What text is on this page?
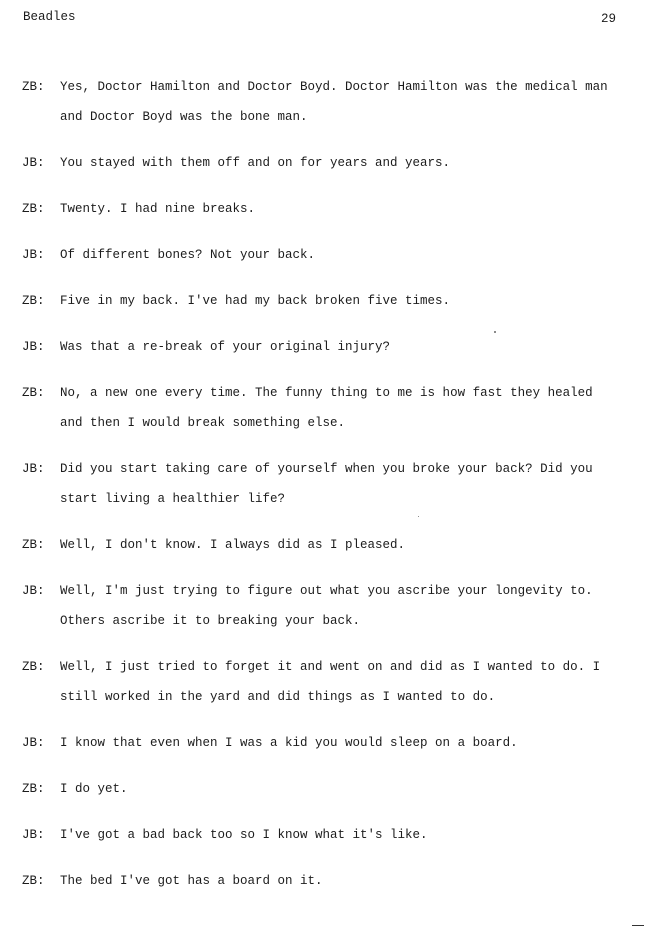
Beadles	29
ZB: Yes, Doctor Hamilton and Doctor Boyd. Doctor Hamilton was the medical man and Doctor Boyd was the bone man.
JB: You stayed with them off and on for years and years.
ZB: Twenty. I had nine breaks.
JB: Of different bones? Not your back.
ZB: Five in my back. I've had my back broken five times.
JB: Was that a re-break of your original injury?
ZB: No, a new one every time. The funny thing to me is how fast they healed and then I would break something else.
JB: Did you start taking care of yourself when you broke your back? Did you start living a healthier life?
ZB: Well, I don't know. I always did as I pleased.
JB: Well, I'm just trying to figure out what you ascribe your longevity to. Others ascribe it to breaking your back.
ZB: Well, I just tried to forget it and went on and did as I wanted to do. I still worked in the yard and did things as I wanted to do.
JB: I know that even when I was a kid you would sleep on a board.
ZB: I do yet.
JB: I've got a bad back too so I know what it's like.
ZB: The bed I've got has a board on it.
